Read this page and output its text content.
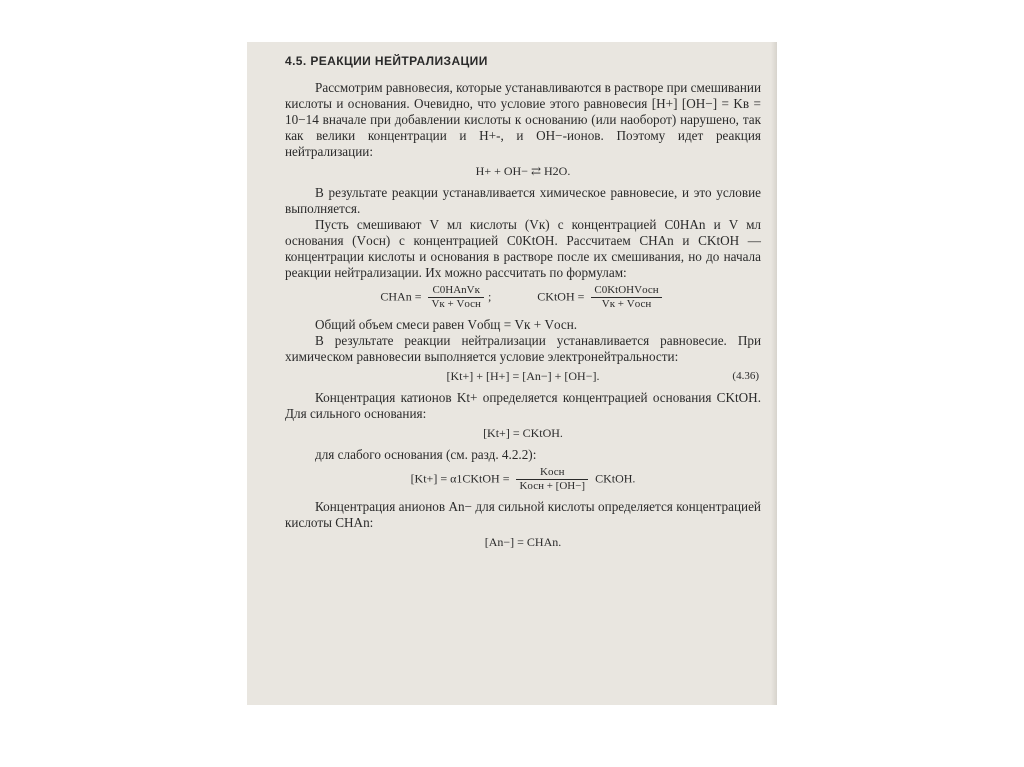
4.5. РЕАКЦИИ НЕЙТРАЛИЗАЦИИ

Рассмотрим равновесия, которые устанавливаются в растворе при смешивании кислоты и основания. Очевидно, что условие этого равновесия [H+] [OH−] = Kв = 10−14 вначале при добавлении кислоты к основанию (или наоборот) нарушено, так как велики концентрации и H+-, и OH−-ионов. Поэтому идет реакция нейтрализации:

H+ + OH− ⇄ H2O.

В результате реакции устанавливается химическое равновесие, и это условие выполняется.

Пусть смешивают V мл кислоты (Vк) с концентрацией C0HAn и V мл основания (Vосн) с концентрацией C0KtOH. Рассчитаем CHAn и CKtOH — концентрации кислоты и основания в растворе после их смешивания, но до начала реакции нейтрализации. Их можно рассчитать по формулам:

CHAn = $\frac{\text{C0HAnVк}}{\text{Vк + Vосн}}$ ;	CKtOH = $\frac{\text{C0KtOHVосн}}{\text{Vк + Vосн}}$

Общий объем смеси равен Vобщ = Vк + Vосн.

В результате реакции нейтрализации устанавливается равновесие. При химическом равновесии выполняется условие электронейтральности:

[Kt+] + [H+] = [An−] + [OH−].	(4.36)

Концентрация катионов Kt+ определяется концентрацией основания CKtOH. Для сильного основания:

[Kt+] = CKtOH.

для слабого основания (см. разд. 4.2.2):

[Kt+] = α1CKtOH = $\frac{\text{Kосн}}{\text{Kосн + [OH−]}}$ CKtOH.

Концентрация анионов An− для сильной кислоты определяется концентрацией кислоты CHAn:

[An−] = CHAn.
